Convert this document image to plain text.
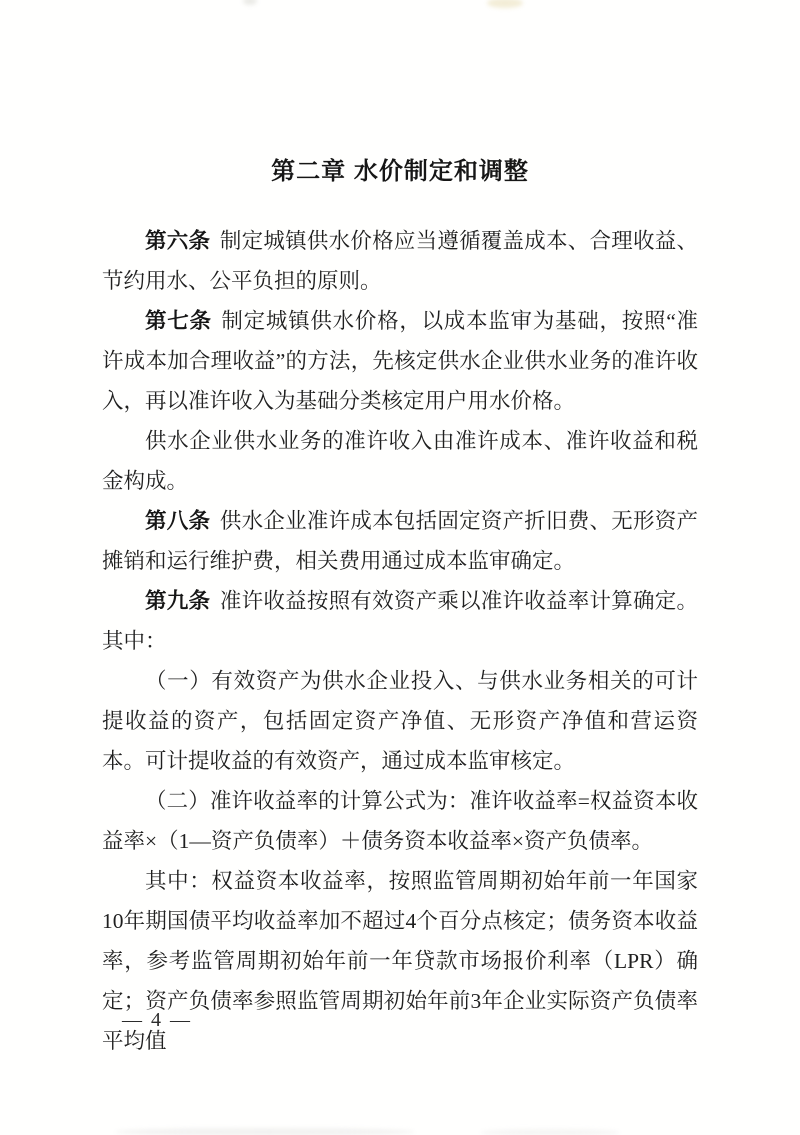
第二章 水价制定和调整

第六条 制定城镇供水价格应当遵循覆盖成本、合理收益、节约用水、公平负担的原则。

第七条 制定城镇供水价格，以成本监审为基础，按照“准许成本加合理收益”的方法，先核定供水企业供水业务的准许收入，再以准许收入为基础分类核定用户用水价格。

供水企业供水业务的准许收入由准许成本、准许收益和税金构成。

第八条 供水企业准许成本包括固定资产折旧费、无形资产摊销和运行维护费，相关费用通过成本监审确定。

第九条 准许收益按照有效资产乘以准许收益率计算确定。其中：

（一）有效资产为供水企业投入、与供水业务相关的可计提收益的资产，包括固定资产净值、无形资产净值和营运资本。可计提收益的有效资产，通过成本监审核定。

（二）准许收益率的计算公式为：准许收益率=权益资本收益率×（1—资产负债率）＋债务资本收益率×资产负债率。

其中：权益资本收益率，按照监管周期初始年前一年国家10年期国债平均收益率加不超过4个百分点核定；债务资本收益率，参考监管周期初始年前一年贷款市场报价利率（LPR）确定；资产负债率参照监管周期初始年前3年企业实际资产负债率平均值

— 4 —
